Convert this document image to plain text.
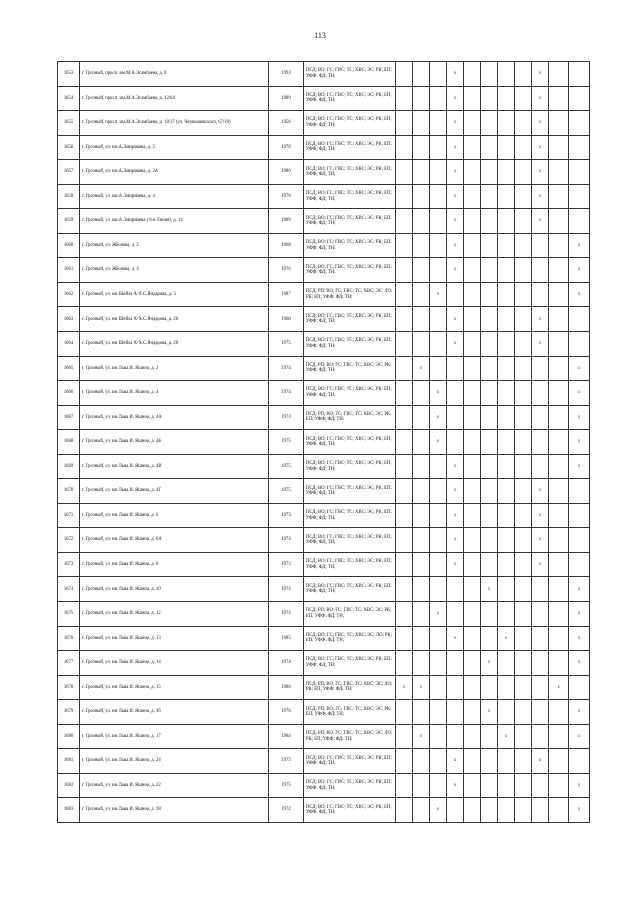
113
1653	г. Грозный, просп. им.М.А.Эсамбаева, д. 8	1993	ПСД; ВО; ГС; ГВС; ТС; ХВС; ЭС; РК; ЕП; УФФ; ФД; ТН;				x					x		
1654	г. Грозный, просп. им.М.А.Эсамбаева, д. 12/64	1989	ПСД; ВО; ГС; ГВС; ТС; ХВС; ЭС; РК; ЕП; УФФ; ФД; ТН;				x					x		
1655	г. Грозный, просп. им.М.А.Эсамбаева, д. 18/37 (ул. Чернышевского, 67/18)	1956	ПСД; ВО; ГС; ГВС; ТС; ХВС; ЭС; РК; ЕП; УФФ; ФД; ТН;				x					x		
1656	г. Грозный, ул. им.А.Эмирмаева, д. 2	1978	ПСД; ВО; ГС; ГВС; ТС; ХВС; ЭС; РК; ЕП; УФФ; ФД; ТН;				x					x		
1657	г. Грозный, ул. им.А.Эмирмаева, д. 2А	1980	ПСД; ВО; ГС; ГВС; ТС; ХВС; ЭС; РК; ЕП; УФФ; ФД; ТН;				x					x		
1658	г. Грозный, ул. им.А.Эмирмаева, д. 4	1978	ПСД; ВО; ГС; ГВС; ТС; ХВС; ЭС; РК; ЕП; УФФ; ФД; ТН;				x					x		
1659	г. Грозный, ул. им.А.Эмирмаева ( 8-я Линия), д. 14	1989	ПСД; ВО; ГС; ГВС; ТС; ХВС; ЭС; РК; ЕП; УФФ; ФД; ТН;				x					x		
1660	г. Грозный, ул. Жбочева, д. 2	1968	ПСД; ВО; ГС; ГВС; ТС; ХВС; ЭС; РК; ЕП; УФФ; ФД; ТН;				x							x
1661	г. Грозный, ул. Жбочева, д. 4	1976	ПСД; ВО; ГС; ГВС; ТС; ХВС; ЭС; РК; ЕП; УФФ; ФД; ТН;				x							x
1662	г. Грозный, ул. им Шейха А-Х.С.Яндарова, д. 3	1987	ПСД; РП; ВО; ГС; ГВС; ТС; ХВС; ЭС; ЛО; РК; ЕП; УФФ; ФД; ТН;			x								x
1663	г. Грозный, ул. им Шейха А-Х.С.Яндарова, д. 26	1960	ПСД; ВО; ГС; ГВС; ТС; ХВС; ЭС; РК; ЕП; УФФ; ФД; ТН;				x					x		
1664	г. Грозный, ул. им Шейха А-Х.С.Яндарова, д. 28	1975	ПСД; ВО; ГС; ГВС; ТС; ХВС; ЭС; РК; ЕП; УФФ; ФД; ТН;				x					x		
1665	г. Грозный, ул. им Льва И. Яшина, д. 2	1974	ПСД; РП; ВО; ГС; ГВС; ТС; ХВС; ЭС; РК; УФФ; ФД; ТН;		x									x
1666	г. Грозный, ул. им Льва И. Яшина, д. 4	1974	ПСД; ВО; ГС; ГВС; ТС; ХВС; ЭС; РК; ЕП; УФФ; ФД; ТН;			x								x
1667	г. Грозный, ул. им Льва И. Яшина, д. 4А	1973	ПСД; РП; ВО; ГС; ГВС; ТС; ХВС; ЭС; РК; ЕП; УФФ; ФД; ТН;			x								x
1668	г. Грозный, ул. им Льва И. Яшина, д. 4Б	1975	ПСД; ВО; ГС; ГВС; ТС; ХВС; ЭС; РК; ЕП; УФФ; ФД; ТН;			x								x
1669	г. Грозный, ул. им Льва И. Яшина, д. 4В	1975	ПСД; ВО; ГС; ГВС; ТС; ХВС; ЭС; РК; ЕП; УФФ; ФД; ТН;				x							x
1670	г. Грозный, ул. им Льва И. Яшина, д. 4Г	1975	ПСД; ВО; ГС; ГВС; ТС; ХВС; ЭС; РК; ЕП; УФФ; ФД; ТН;				x					x		
1671	г. Грозный, ул. им Льва И. Яшина, д. 6	1973	ПСД; ВО; ГС; ГВС; ТС; ХВС; ЭС; РК; ЕП; УФФ; ФД; ТН;				x					x		
1672	г. Грозный, ул. им Льва И. Яшина, д. 6А	1974	ПСД; ВО; ГС; ГВС; ТС; ХВС; ЭС; РК; ЕП; УФФ; ФД; ТН;				x					x		
1673	г. Грозный, ул. им Льва И. Яшина, д. 8	1973	ПСД; ВО; ГС; ГВС; ТС; ХВС; ЭС; РК; ЕП; УФФ; ФД; ТН;				x					x		
1674	г. Грозный, ул. им Льва И. Яшина, д. 10	1974	ПСД; ВО; ГС; ГВС; ТС; ХВС; ЭС; РК; ЕП; УФФ; ФД; ТН;						x					x
1675	г. Грозный, ул. им Льва И. Яшина, д. 12	1974	ПСД; РП; ВО; ГС; ГВС; ТС; ХВС; ЭС; РК; ЕП; УФФ; ФД; ТН;			x								x
1676	г. Грозный, ул. им Льва И. Яшина, д. 13	1985	ПСД; ВО; ГС; ГВС; ТС; ХВС; ЭС; ЛО; РК; ЕП; УФФ; ФД; ТН;				x			x				x
1677	г. Грозный, ул. им Льва И. Яшина, д. 14	1974	ПСД; ВО; ГС; ГВС; ТС; ХВС; ЭС; РК; ЕП; УФФ; ФД; ТН;						x					x
1678	г. Грозный, ул. им Льва И. Яшина, д. 15	1986	ПСД; РП; ВО; ГС; ГВС; ТС; ХВС; ЭС; ЛО; РК; ЕП; УФФ; ФД; ТН;	x	x								x	
1679	г. Грозный, ул. им Льва И. Яшина, д. 16	1976	ПСД; РП; ВО; ГС; ГВС; ТС; ХВС; ЭС; РК; ЕП; УФФ; ФД; ТН;						x					x
1680	г. Грозный, ул. им Льва И. Яшина, д. 17	1984	ПСД; РП; ВО; ГС; ГВС; ТС; ХВС; ЭС; ЛО; РК; ЕП; УФФ; ФД; ТН;		x					x				x
1681	г. Грозный, ул. им Льва И. Яшина, д. 24	1973	ПСД; ВО; ГС; ГВС; ТС; ХВС; ЭС; РК; ЕП; УФФ; ФД; ТН;				x					x		
1682	г. Грозный, ул. им Льва И. Яшина, д. 22	1975	ПСД; ВО; ГС; ГВС; ТС; ХВС; ЭС; РК; ЕП; УФФ; ФД; ТН;				x							x
1683	г. Грозный, ул. им Льва И. Яшина, д. 28	1972	ПСД; ВО; ГС; ГВС; ТС; ХВС; ЭС; РК; ЕП; УФФ; ФД; ТН;			x								x
